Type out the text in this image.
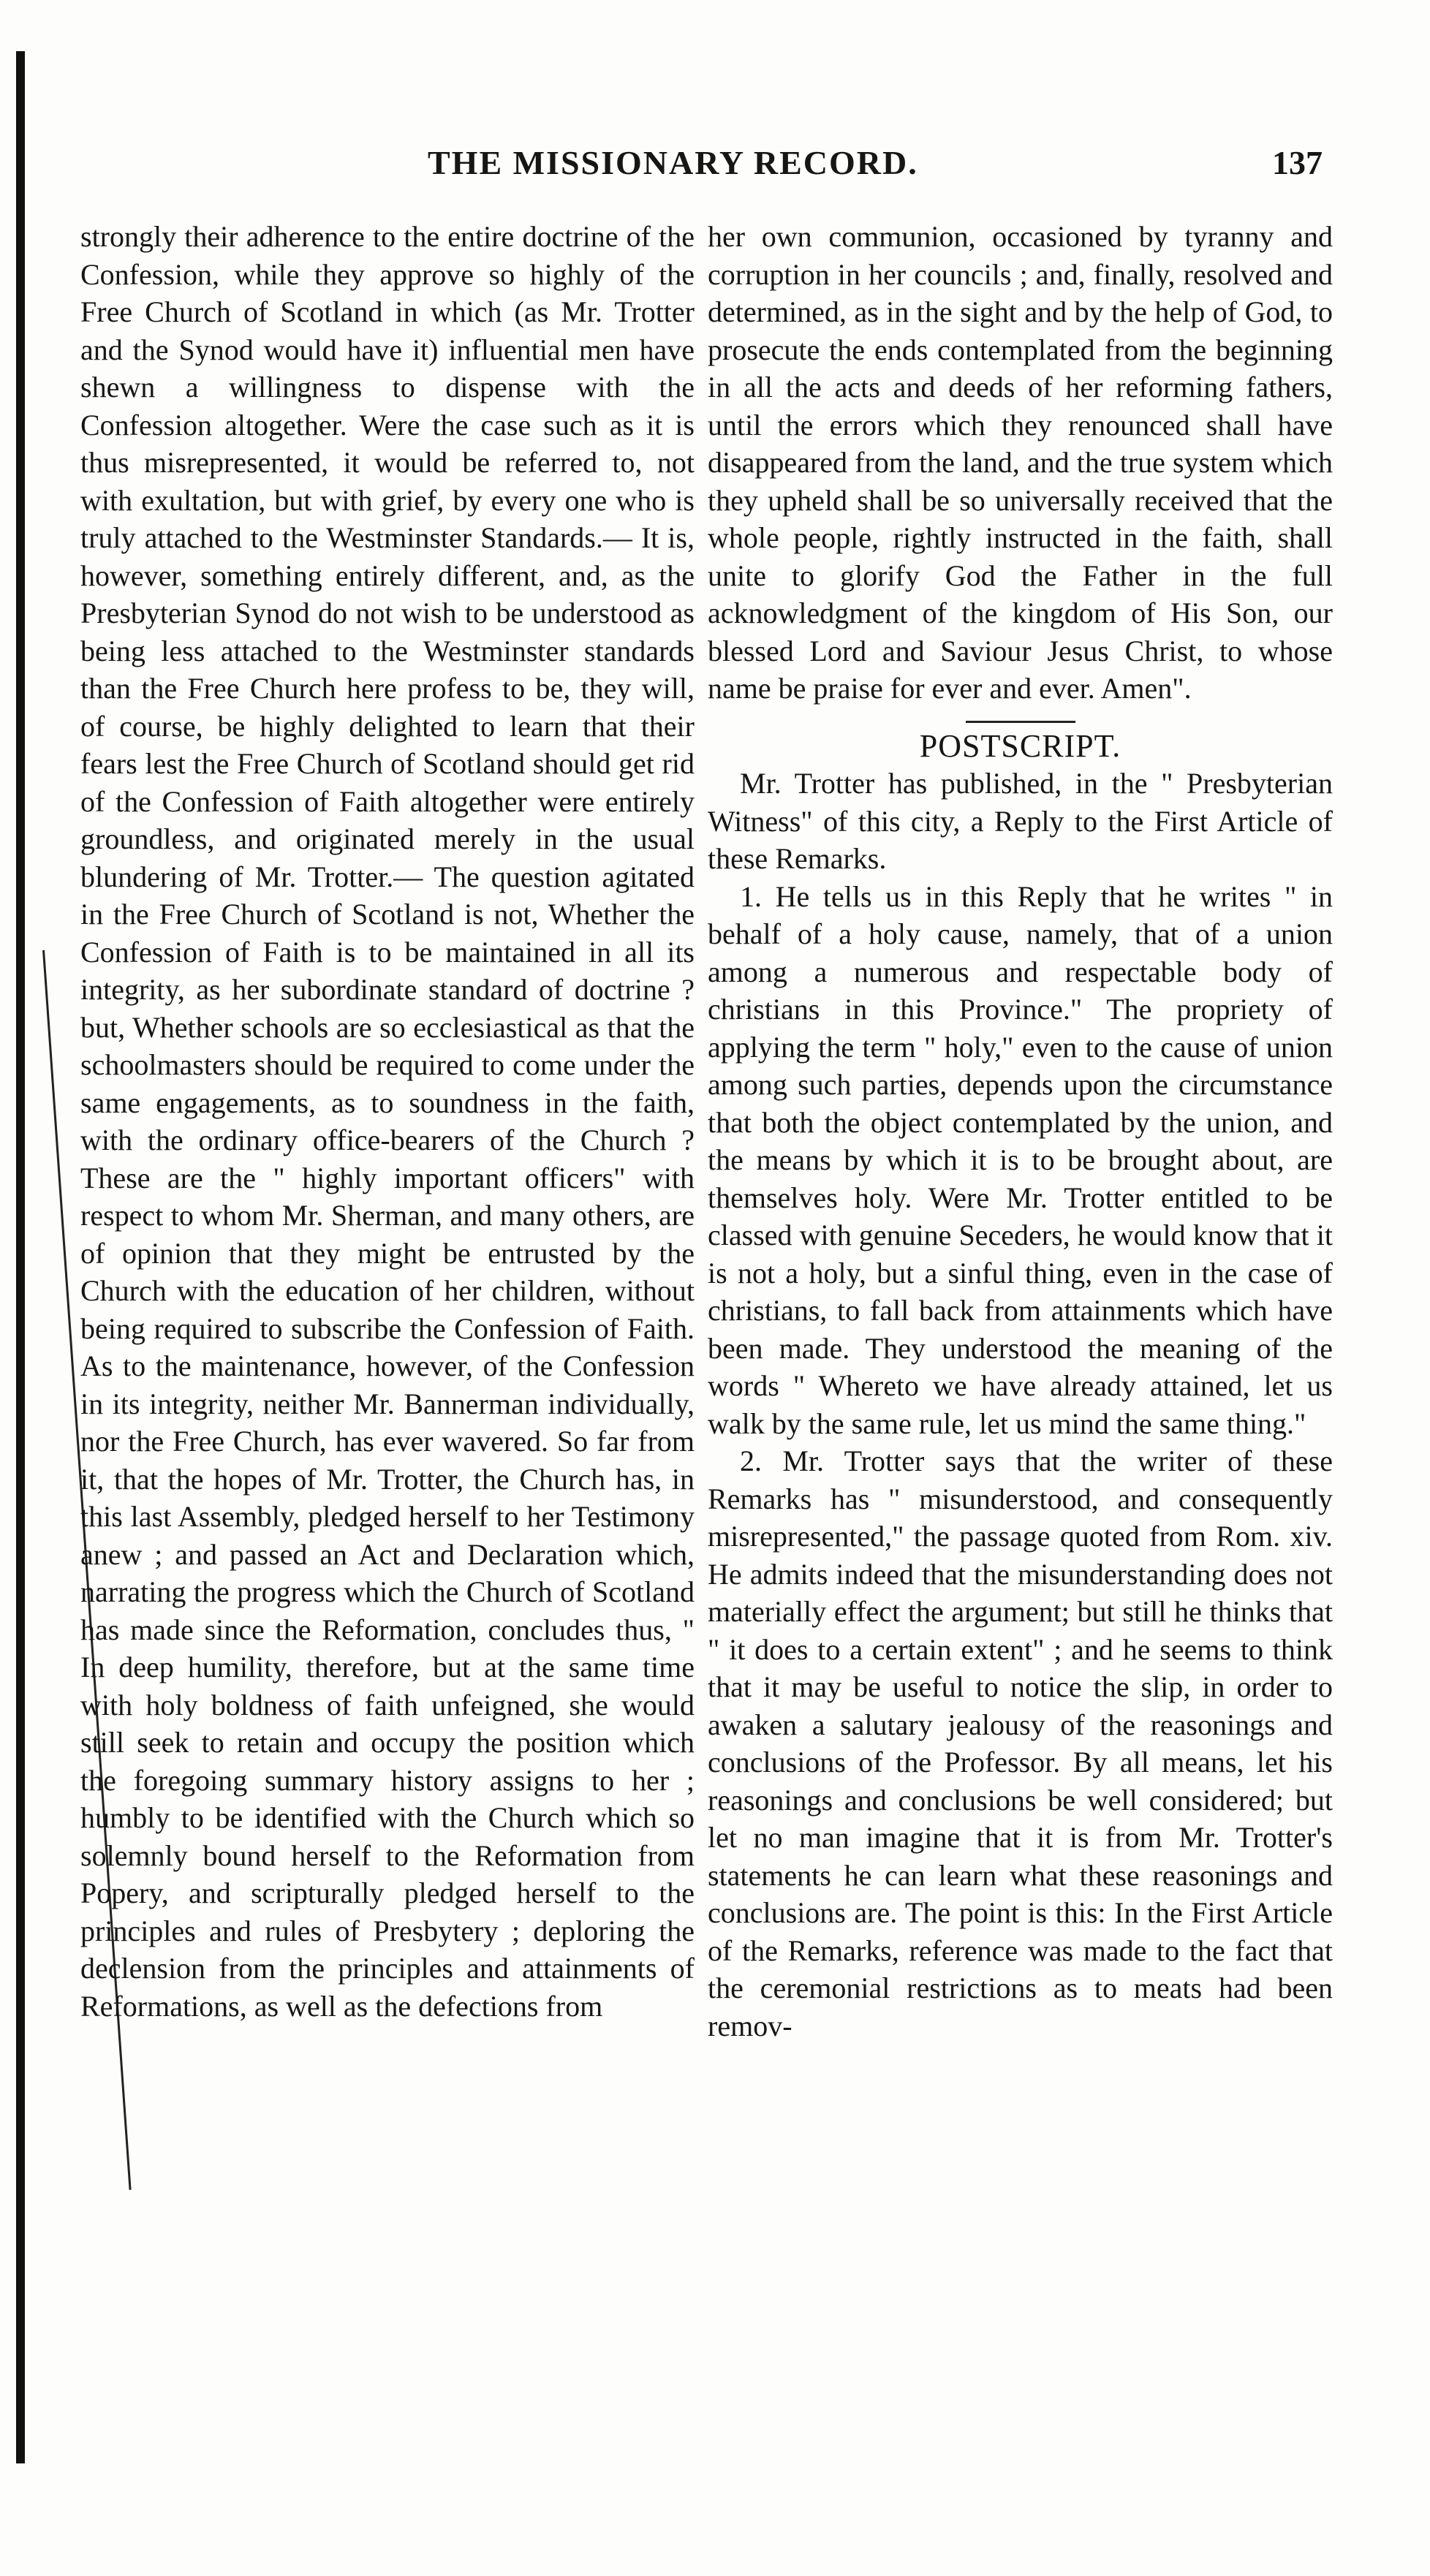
THE MISSIONARY RECORD.	137

strongly their adherence to the entire doctrine of the Confession, while they approve so highly of the Free Church of Scotland in which (as Mr. Trotter and the Synod would have it) influential men have shewn a willingness to dispense with the Confession altogether. Were the case such as it is thus misrepresented, it would be referred to, not with exultation, but with grief, by every one who is truly attached to the Westminster Standards.— It is, however, something entirely different, and, as the Presbyterian Synod do not wish to be understood as being less attached to the Westminster standards than the Free Church here profess to be, they will, of course, be highly delighted to learn that their fears lest the Free Church of Scotland should get rid of the Confession of Faith altogether were entirely groundless, and originated merely in the usual blundering of Mr. Trotter.— The question agitated in the Free Church of Scotland is not, Whether the Confession of Faith is to be maintained in all its integrity, as her subordinate standard of doctrine ? but, Whether schools are so ecclesiastical as that the schoolmasters should be required to come under the same engagements, as to soundness in the faith, with the ordinary office-bearers of the Church ? These are the " highly important officers" with respect to whom Mr. Sherman, and many others, are of opinion that they might be entrusted by the Church with the education of her children, without being required to subscribe the Confession of Faith. As to the maintenance, however, of the Confession in its integrity, neither Mr. Bannerman individually, nor the Free Church, has ever wavered. So far from it, that the hopes of Mr. Trotter, the Church has, in this last Assembly, pledged herself to her Testimony anew ; and passed an Act and Declaration which, narrating the progress which the Church of Scotland has made since the Reformation, concludes thus, " In deep humility, therefore, but at the same time with holy boldness of faith unfeigned, she would still seek to retain and occupy the position which the foregoing summary history assigns to her ; humbly to be identified with the Church which so solemnly bound herself to the Reformation from Popery, and scripturally pledged herself to the principles and rules of Presbytery ; deploring the declension from the principles and attainments of Reformations, as well as the defections from

her own communion, occasioned by tyranny and corruption in her councils ; and, finally, resolved and determined, as in the sight and by the help of God, to prosecute the ends contemplated from the beginning in all the acts and deeds of her reforming fathers, until the errors which they renounced shall have disappeared from the land, and the true system which they upheld shall be so universally received that the whole people, rightly instructed in the faith, shall unite to glorify God the Father in the full acknowledgment of the kingdom of His Son, our blessed Lord and Saviour Jesus Christ, to whose name be praise for ever and ever. Amen".

POSTSCRIPT.

Mr. Trotter has published, in the " Presbyterian Witness" of this city, a Reply to the First Article of these Remarks.

1. He tells us in this Reply that he writes " in behalf of a holy cause, namely, that of a union among a numerous and respectable body of christians in this Province." The propriety of applying the term " holy," even to the cause of union among such parties, depends upon the circumstance that both the object contemplated by the union, and the means by which it is to be brought about, are themselves holy. Were Mr. Trotter entitled to be classed with genuine Seceders, he would know that it is not a holy, but a sinful thing, even in the case of christians, to fall back from attainments which have been made. They understood the meaning of the words " Whereto we have already attained, let us walk by the same rule, let us mind the same thing."

2. Mr. Trotter says that the writer of these Remarks has " misunderstood, and consequently misrepresented," the passage quoted from Rom. xiv. He admits indeed that the misunderstanding does not materially effect the argument; but still he thinks that " it does to a certain extent" ; and he seems to think that it may be useful to notice the slip, in order to awaken a salutary jealousy of the reasonings and conclusions of the Professor. By all means, let his reasonings and conclusions be well considered; but let no man imagine that it is from Mr. Trotter's statements he can learn what these reasonings and conclusions are. The point is this: In the First Article of the Remarks, reference was made to the fact that the ceremonial restrictions as to meats had been remov-
